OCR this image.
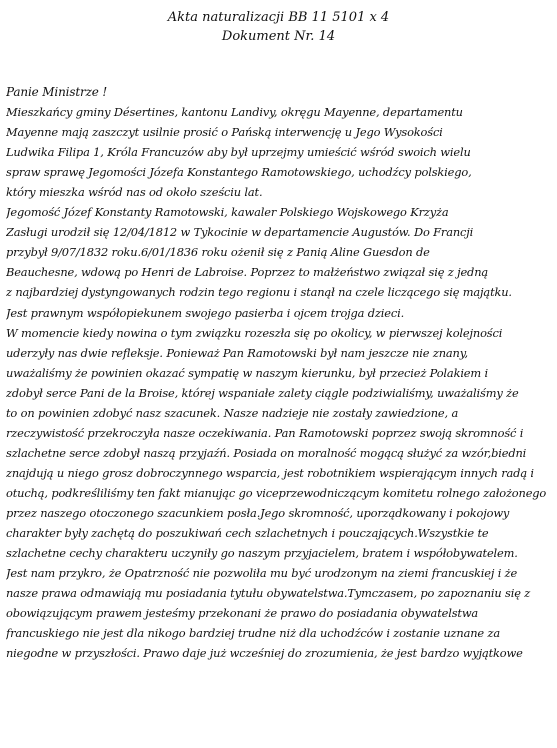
Akta naturalizacji BB 11 5101 x 4
Dokument Nr. 14
Panie Ministrze !
Mieszkańcy gminy Désertines, kantonu Landivy, okręgu Mayenne, departamentu
Mayenne mają zaszczyt usilnie prosić o Pańską interwencję u Jego Wysokości
Ludwika Filipa 1, Króla Francuzów aby był uprzejmy umieścić wśród swoich wielu
spraw sprawę Jegomości Józefa Konstantego Ramotowskiego, uchodźcy polskiego,
który mieszka wśród nas od około sześciu lat.
Jegomość Józef Konstanty Ramotowski, kawaler Polskiego Wojskowego Krzyża
Zasługi urodził się 12/04/1812 w Tykocinie w departamencie Augustów. Do Francji
przybył 9/07/1832 roku.6/01/1836 roku ożenił się z Panią Aline Guesdon de
Beauchesne, wdową po Henri de Labroise. Poprzez to małżeństwo związał się z jedną
z najbardziej dystyngowanych rodzin tego regionu i stanął na czele liczącego się majątku.
Jest prawnym współopiekunem swojego pasierba i ojcem trojga dzieci.
W momencie kiedy nowina o tym związku rozeszła się po okolicy, w pierwszej kolejności
uderzyły nas dwie refleksje. Ponieważ Pan Ramotowski był nam jeszcze nie znany,
uważaliśmy że powinien okazać sympatię w naszym kierunku, był przecież Polakiem i
zdobył serce Pani de la Broise, której wspaniałe zalety ciągle podziwialiśmy, uważaliśmy że
to on powinien zdobyć nasz szacunek. Nasze nadzieje nie zostały zawiedzione, a
rzeczywistość przekroczyła nasze oczekiwania. Pan Ramotowski poprzez swoją skromność i
szlachetne serce zdobył naszą przyjaźń. Posiada on moralność mogącą służyć za wzór,biedni
znajdują u niego grosz dobroczynnego wsparcia, jest robotnikiem wspierającym innych radą i
otuchą, podkreśliliśmy ten fakt mianując go viceprzewodniczącym komitetu rolnego założonego
przez naszego otoczonego szacunkiem posła.Jego skromność, uporządkowany i pokojowy
charakter były zachętą do poszukiwań cech szlachetnych i pouczających.Wszystkie te
szlachetne cechy charakteru uczyniły go naszym przyjacielem, bratem i współobywatelem.
Jest nam przykro, że Opatrzność nie pozwoliła mu być urodzonym na ziemi francuskiej i że
nasze prawa odmawiają mu posiadania tytułu obywatelstwa.Tymczasem, po zapoznaniu się z
obowiązującym prawem jesteśmy przekonani że prawo do posiadania obywatelstwa
francuskiego nie jest dla nikogo bardziej trudne niż dla uchodźców i zostanie uznane za
niegodne w przyszłości. Prawo daje już wcześniej do zrozumienia, że jest bardzo wyjątkowe
